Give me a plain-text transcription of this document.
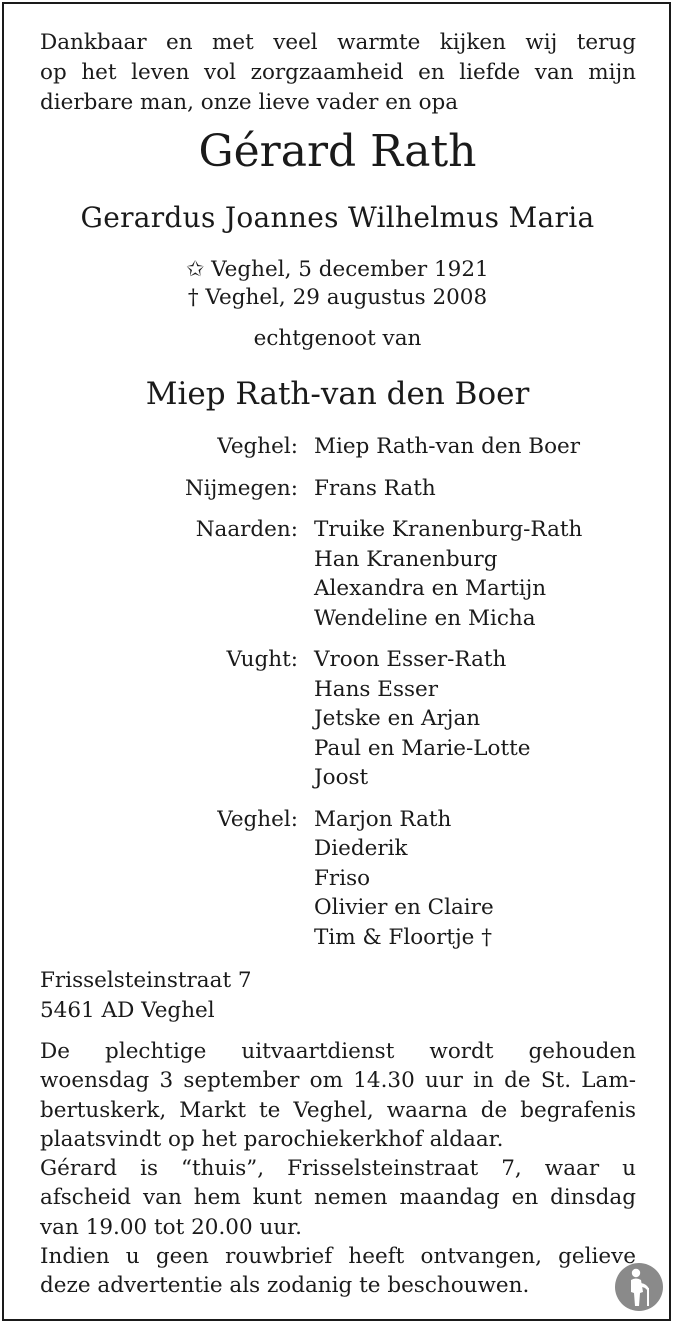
Dankbaar en met veel warmte kijken wij terug
op het leven vol zorgzaamheid en liefde van mijn
dierbare man, onze lieve vader en opa
Gérard Rath
Gerardus Joannes Wilhelmus Maria
✩ Veghel, 5 december 1921
† Veghel, 29 augustus 2008
echtgenoot van
Miep Rath-van den Boer
Veghel: Miep Rath-van den Boer
Nijmegen: Frans Rath
Naarden: Truike Kranenburg-Rath
Han Kranenburg
Alexandra en Martijn
Wendeline en Micha
Vught: Vroon Esser-Rath
Hans Esser
Jetske en Arjan
Paul en Marie-Lotte
Joost
Veghel: Marjon Rath
Diederik
Friso
Olivier en Claire
Tim & Floortje †
Frisselsteinstraat 7
5461 AD Veghel
De plechtige uitvaartdienst wordt gehouden
woensdag 3 september om 14.30 uur in de St. Lam-
bertuskerk, Markt te Veghel, waarna de begrafenis
plaatsvindt op het parochiekerkhof aldaar.
Gérard is “thuis”, Frisselsteinstraat 7, waar u
afscheid van hem kunt nemen maandag en dinsdag
van 19.00 tot 20.00 uur.
Indien u geen rouwbrief heeft ontvangen, gelieve
deze advertentie als zodanig te beschouwen.
